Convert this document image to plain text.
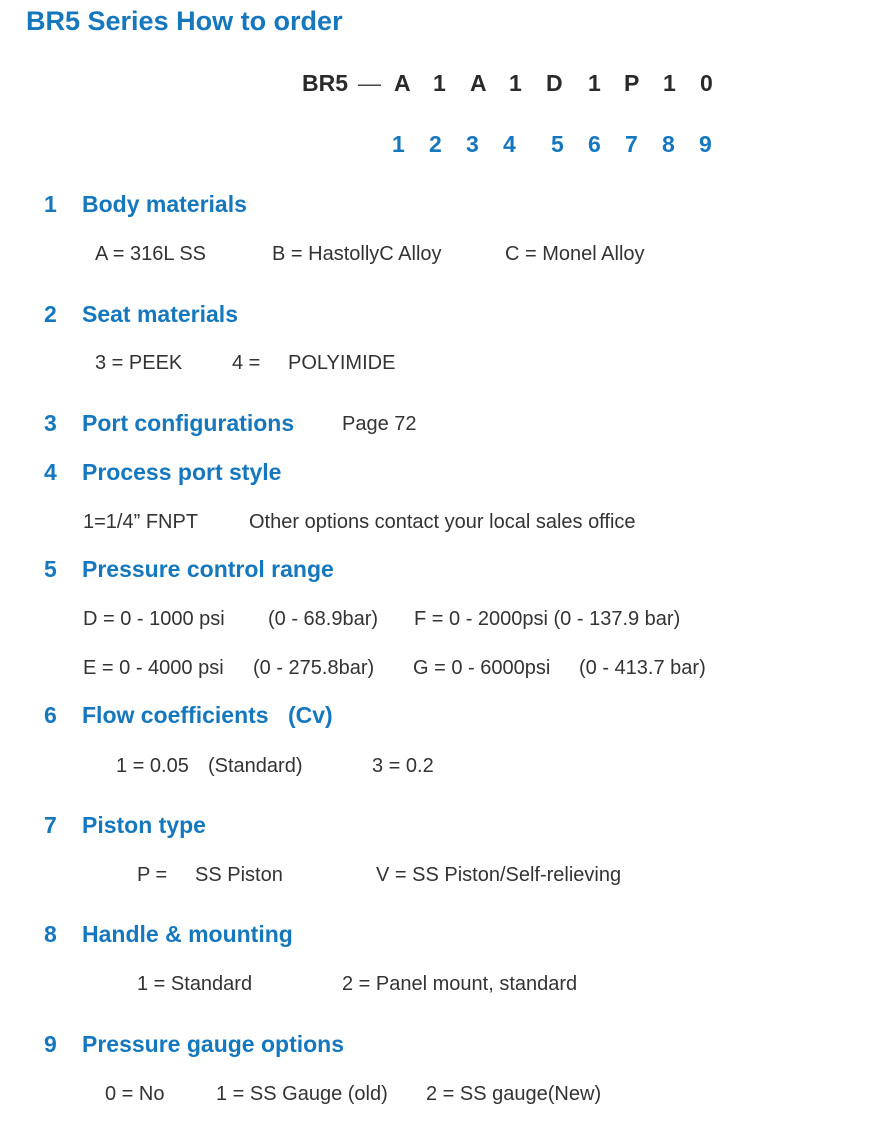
BR5 Series How to order
BR5 — A 1 A 1 D 1 P 1 0
1 2 3 4 5 6 7 8 9
1 Body materials
A = 316L SS	B = HastollyC Alloy	C = Monel Alloy
2 Seat materials
3 = PEEK 4 = POLYIMIDE
3 Port configurations Page 72
4 Process port style
1=1/4” FNPT	Other options contact your local sales office
5 Pressure control range
D = 0 - 1000 psi (0 - 68.9bar) F = 0 - 2000psi (0 - 137.9 bar)
E = 0 - 4000 psi (0 - 275.8bar) G = 0 - 6000psi (0 - 413.7 bar)
6 Flow coefficients (Cv)
1 = 0.05 (Standard)	3 = 0.2
7 Piston type
P = SS Piston	V = SS Piston/Self-relieving
8 Handle & mounting
1 = Standard	2 = Panel mount, standard
9 Pressure gauge options
0 = No	1 = SS Gauge (old) 2 = SS gauge(New)
